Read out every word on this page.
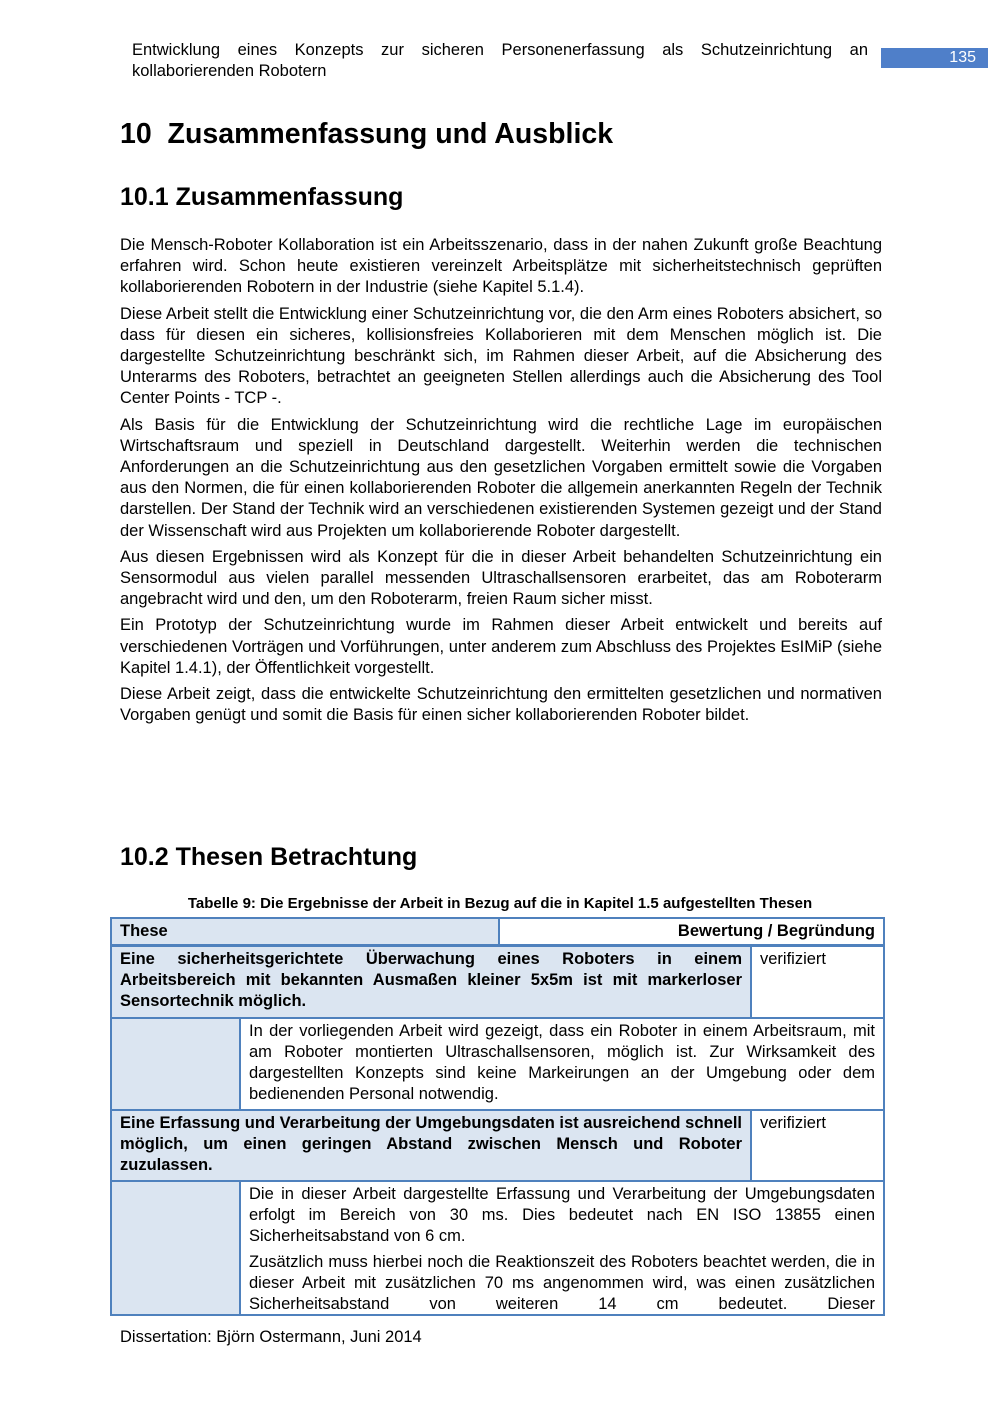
Entwicklung eines Konzepts zur sicheren Personenerfassung als Schutzeinrichtung an kollaborierenden Robotern
135
10 Zusammenfassung und Ausblick
10.1 Zusammenfassung

Die Mensch-Roboter Kollaboration ist ein Arbeitsszenario, dass in der nahen Zukunft große Beachtung erfahren wird. Schon heute existieren vereinzelt Arbeitsplätze mit sicherheitstechnisch geprüften kollaborierenden Robotern in der Industrie (siehe Kapitel 5.1.4).

Diese Arbeit stellt die Entwicklung einer Schutzeinrichtung vor, die den Arm eines Roboters absichert, so dass für diesen ein sicheres, kollisionsfreies Kollaborieren mit dem Menschen möglich ist. Die dargestellte Schutzeinrichtung beschränkt sich, im Rahmen dieser Arbeit, auf die Absicherung des Unterarms des Roboters, betrachtet an geeigneten Stellen allerdings auch die Absicherung des Tool Center Points - TCP -.

Als Basis für die Entwicklung der Schutzeinrichtung wird die rechtliche Lage im europäischen Wirtschaftsraum und speziell in Deutschland dargestellt. Weiterhin werden die technischen Anforderungen an die Schutzeinrichtung aus den gesetzlichen Vorgaben ermittelt sowie die Vorgaben aus den Normen, die für einen kollaborierenden Roboter die allgemein anerkannten Regeln der Technik darstellen. Der Stand der Technik wird an verschiedenen existierenden Systemen gezeigt und der Stand der Wissenschaft wird aus Projekten um kollaborierende Roboter dargestellt.

Aus diesen Ergebnissen wird als Konzept für die in dieser Arbeit behandelten Schutzeinrichtung ein Sensormodul aus vielen parallel messenden Ultraschallsensoren erarbeitet, das am Roboterarm angebracht wird und den, um den Roboterarm, freien Raum sicher misst.

Ein Prototyp der Schutzeinrichtung wurde im Rahmen dieser Arbeit entwickelt und bereits auf verschiedenen Vorträgen und Vorführungen, unter anderem zum Abschluss des Projektes EsIMiP (siehe Kapitel 1.4.1), der Öffentlichkeit vorgestellt.

Diese Arbeit zeigt, dass die entwickelte Schutzeinrichtung den ermittelten gesetzlichen und normativen Vorgaben genügt und somit die Basis für einen sicher kollaborierenden Roboter bildet.

10.2 Thesen Betrachtung
Tabelle 9: Die Ergebnisse der Arbeit in Bezug auf die in Kapitel 1.5 aufgestellten Thesen
These	Bewertung / Begründung
Eine sicherheitsgerichtete Überwachung eines Roboters in einem Arbeitsbereich mit bekannten Ausmaßen kleiner 5x5m ist mit markerloser Sensortechnik möglich.
verifiziert
In der vorliegenden Arbeit wird gezeigt, dass ein Roboter in einem Arbeitsraum, mit am Roboter montierten Ultraschallsensoren, möglich ist. Zur Wirksamkeit des dargestellten Konzepts sind keine Markeirungen an der Umgebung oder dem bedienenden Personal notwendig.
Eine Erfassung und Verarbeitung der Umgebungsdaten ist ausreichend schnell möglich, um einen geringen Abstand zwischen Mensch und Roboter zuzulassen.
verifiziert
Die in dieser Arbeit dargestellte Erfassung und Verarbeitung der Umgebungsdaten erfolgt im Bereich von 30 ms. Dies bedeutet nach EN ISO 13855 einen Sicherheitsabstand von 6 cm.
Zusätzlich muss hierbei noch die Reaktionszeit des Roboters beachtet werden, die in dieser Arbeit mit zusätzlichen 70 ms angenommen wird, was einen zusätzlichen Sicherheitsabstand von weiteren 14 cm bedeutet. Dieser
Dissertation: Björn Ostermann, Juni 2014
